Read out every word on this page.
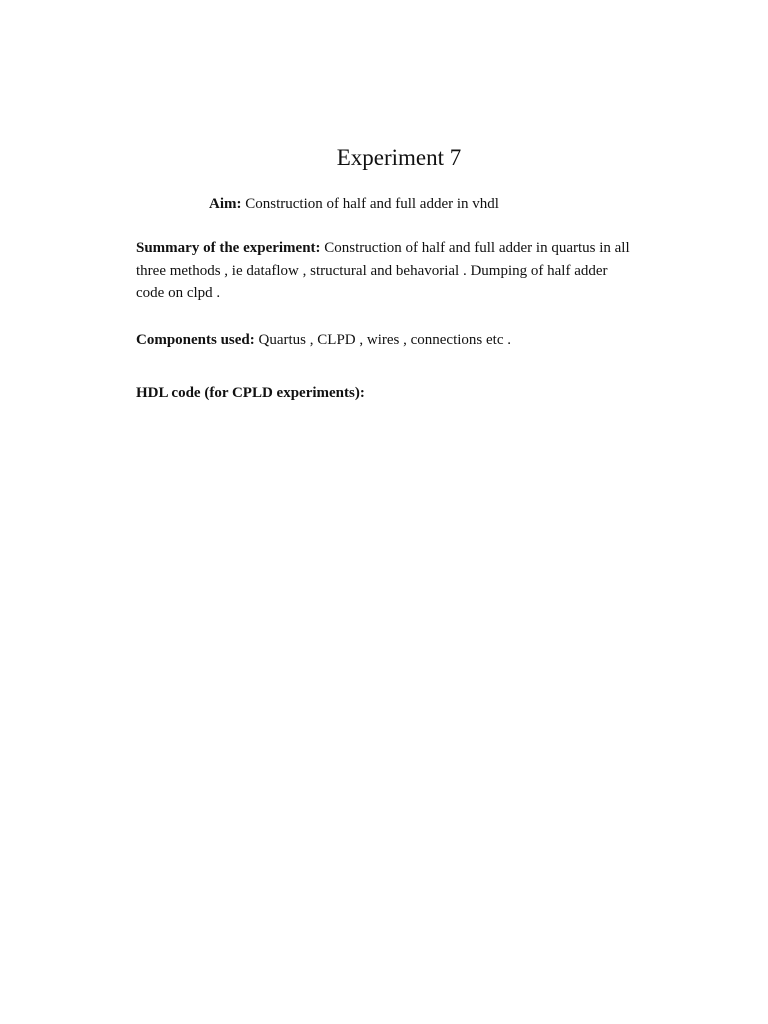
Experiment 7
Aim: Construction of half and full adder in vhdl
Summary of the experiment: Construction of half and full adder in quartus in all three methods , ie dataflow , structural and behavorial . Dumping of half adder code on clpd .
Components used: Quartus , CLPD , wires , connections etc .
HDL code (for CPLD experiments):
